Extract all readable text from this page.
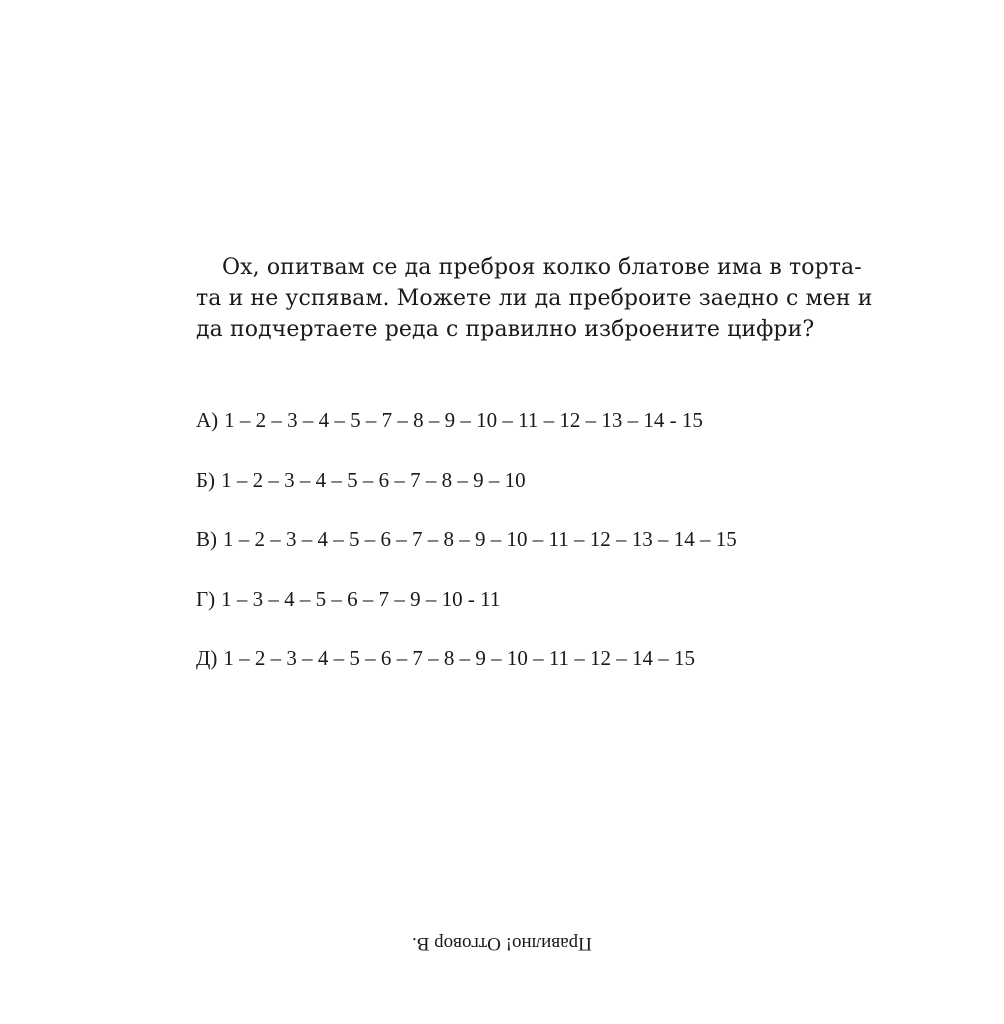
Ох, опитвам се да преброя колко блатове има в торта-
та и не успявам. Можете ли да преброите заедно с мен и
да подчертаете реда с правилно изброените цифри?
А) 1 – 2 – 3 – 4 – 5 – 7 – 8 – 9 – 10 – 11 – 12 – 13 – 14 - 15
Б) 1 – 2 – 3 – 4 – 5 – 6 – 7 – 8 – 9 – 10
В) 1 – 2 – 3 – 4 – 5 – 6 – 7 – 8 – 9 – 10 – 11 – 12 – 13 – 14 – 15
Г) 1 – 3 – 4 – 5 – 6 – 7 – 9 – 10 - 11
Д) 1 – 2 – 3 – 4 – 5 – 6 – 7 – 8 – 9 – 10 – 11 – 12 – 14 – 15
Правилно! Отговор В.
